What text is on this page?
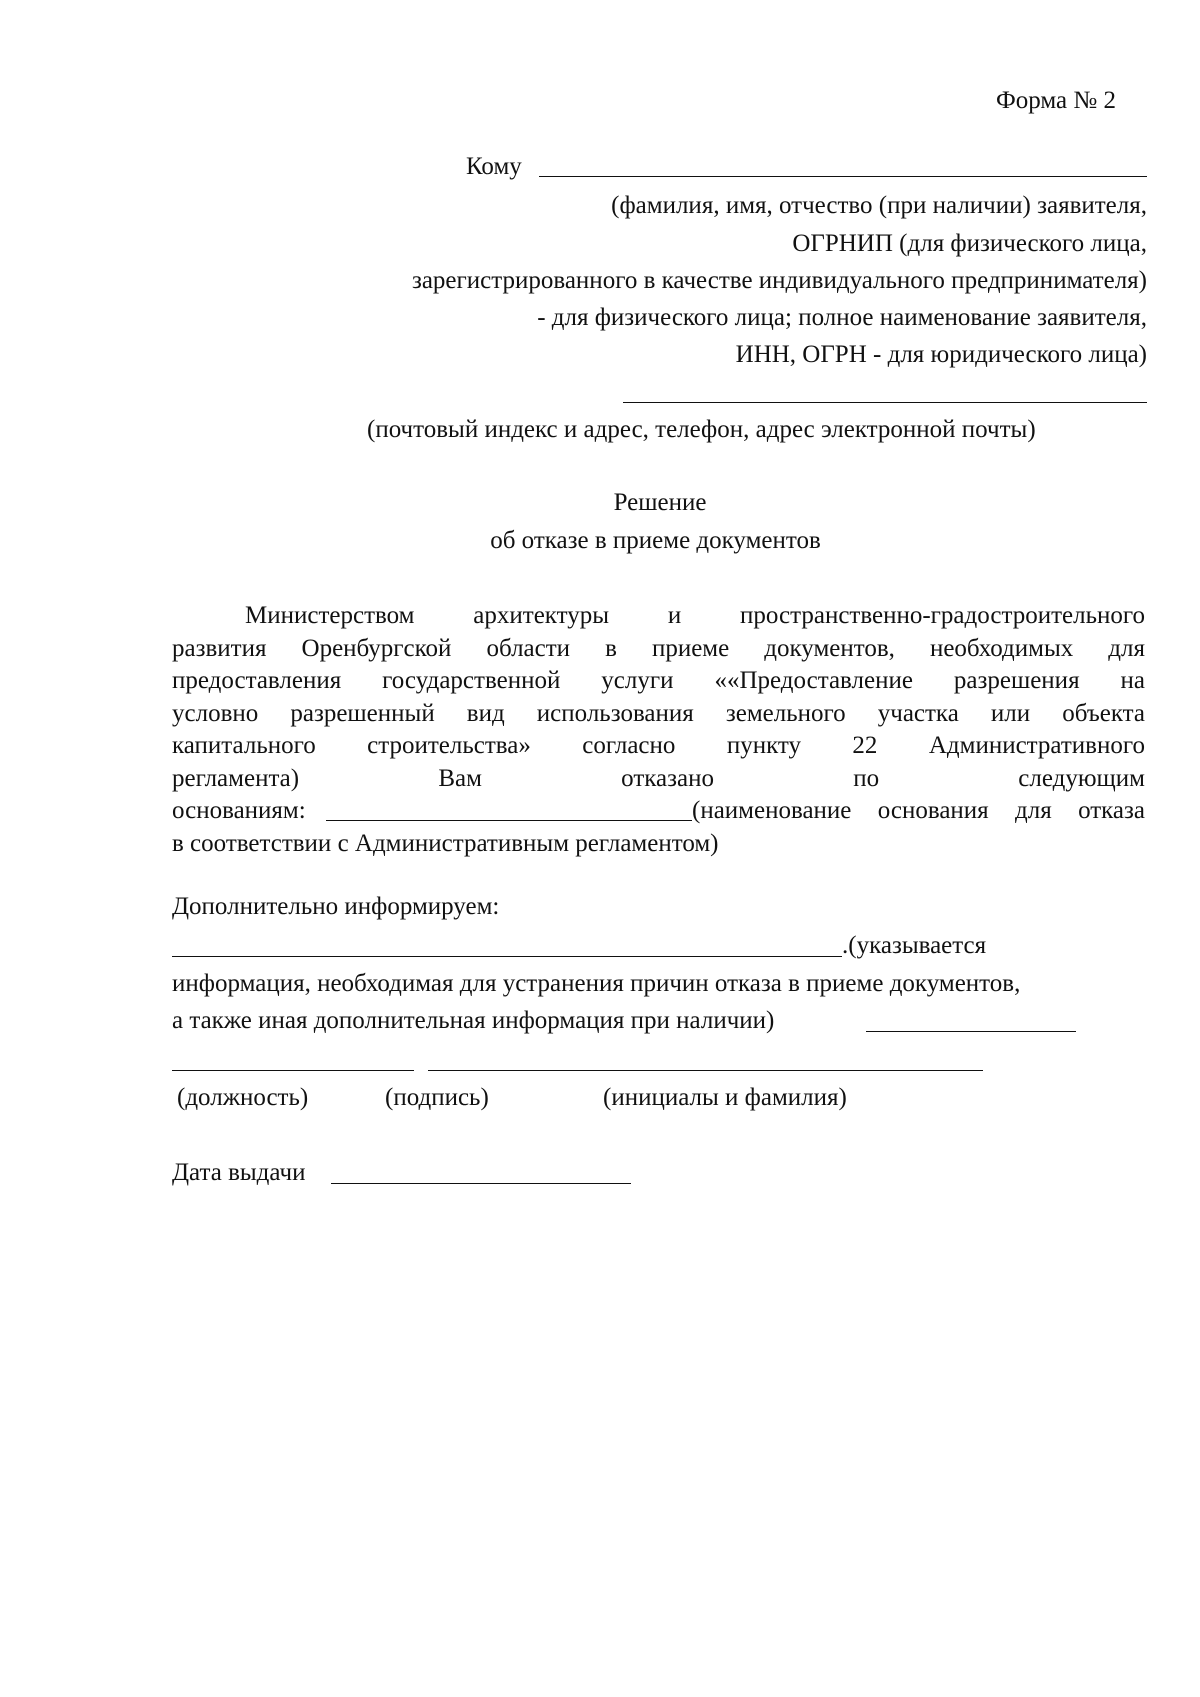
Форма № 2
Кому
(фамилия, имя, отчество (при наличии) заявителя,
ОГРНИП (для физического лица,
зарегистрированного в качестве индивидуального предпринимателя)
- для физического лица; полное наименование заявителя,
ИНН, ОГРН - для юридического лица)
(почтовый индекс и адрес, телефон, адрес электронной почты)
Решение
об отказе в приеме документов
Министерством архитектуры и пространственно-градостроительного
развития Оренбургской области в приеме документов, необходимых для
предоставления государственной услуги ««Предоставление разрешения на
условно разрешенный вид использования земельного участка или объекта
капитального строительства» согласно пункту 22 Административного
регламента) Вам отказано по следующим
основаниям:	(наименование основания для отказа
в соответствии с Административным регламентом)
Дополнительно информируем:
.(указывается
информация, необходимая для устранения причин отказа в приеме документов,
а также иная дополнительная информация при наличии)
(должность)	(подпись)	(инициалы и фамилия)
Дата выдачи
